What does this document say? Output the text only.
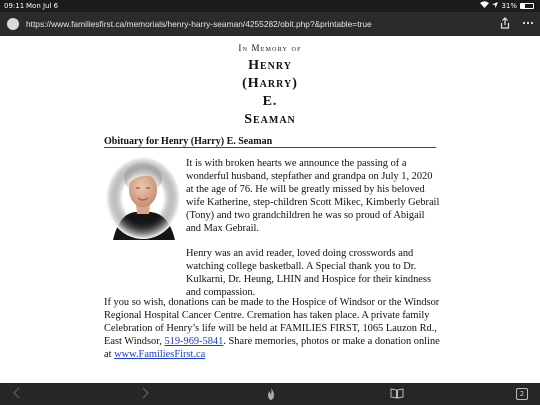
09:11 Mon Jul 6	31%
https://www.familiesfirst.ca/memorials/henry-harry-seaman/4255282/obit.php?&printable=true
In Memory of
Henry
(Harry)
E.
Seaman
Obituary for Henry (Harry) E. Seaman

It is with broken hearts we announce the passing of a wonderful husband, stepfather and grandpa on July 1, 2020 at the age of 76. He will be greatly missed by his beloved wife Katherine, step-children Scott Mikec, Kimberly Gebrail (Tony) and two grandchildren he was so proud of Abigail and Max Gebrail.

Henry was an avid reader, loved doing crosswords and watching college basketball. A Special thank you to Dr. Kulkarni, Dr. Heung, LHIN and Hospice for their kindness and compassion.

If you so wish, donations can be made to the Hospice of Windsor or the Windsor Regional Hospital Cancer Centre. Cremation has taken place. A private family Celebration of Henry’s life will be held at FAMILIES FIRST, 1065 Lauzon Rd., East Windsor, 519-969-5841. Share memories, photos or make a donation online at www.FamiliesFirst.ca

2
